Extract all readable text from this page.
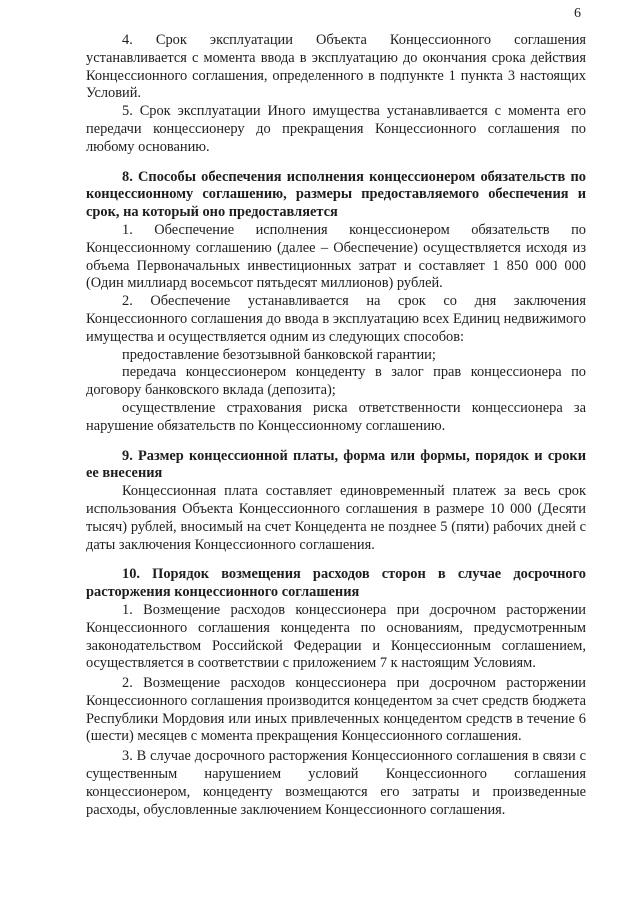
6

4. Срок эксплуатации Объекта Концессионного соглашения устанавливается с момента ввода в эксплуатацию до окончания срока действия Концессионного соглашения, определенного в подпункте 1 пункта 3 настоящих Условий.

5. Срок эксплуатации Иного имущества устанавливается с момента его передачи концессионеру до прекращения Концессионного соглашения по любому основанию.

8. Способы обеспечения исполнения концессионером обязательств по концессионному соглашению, размеры предоставляемого обеспечения и срок, на который оно предоставляется

1. Обеспечение исполнения концессионером обязательств по Концессионному соглашению (далее – Обеспечение) осуществляется исходя из объема Первоначальных инвестиционных затрат и составляет 1 850 000 000 (Один миллиард восемьсот пятьдесят миллионов) рублей.

2. Обеспечение устанавливается на срок со дня заключения Концессионного соглашения до ввода в эксплуатацию всех Единиц недвижимого имущества и осуществляется одним из следующих способов:

предоставление безотзывной банковской гарантии;

передача концессионером концеденту в залог прав концессионера по договору банковского вклада (депозита);

осуществление страхования риска ответственности концессионера за нарушение обязательств по Концессионному соглашению.

9. Размер концессионной платы, форма или формы, порядок и сроки ее внесения

Концессионная плата составляет единовременный платеж за весь срок использования Объекта Концессионного соглашения в размере 10 000 (Десяти тысяч) рублей, вносимый на счет Концедента не позднее 5 (пяти) рабочих дней с даты заключения Концессионного соглашения.

10. Порядок возмещения расходов сторон в случае досрочного расторжения концессионного соглашения

1. Возмещение расходов концессионера при досрочном расторжении Концессионного соглашения концедента по основаниям, предусмотренным законодательством Российской Федерации и Концессионным соглашением, осуществляется в соответствии с приложением 7 к настоящим Условиям.

2. Возмещение расходов концессионера при досрочном расторжении Концессионного соглашения производится концедентом за счет средств бюджета Республики Мордовия или иных привлеченных концедентом средств в течение 6 (шести) месяцев с момента прекращения Концессионного соглашения.

3. В случае досрочного расторжения Концессионного соглашения в связи с существенным нарушением условий Концессионного соглашения концессионером, концеденту возмещаются его затраты и произведенные расходы, обусловленные заключением Концессионного соглашения.
